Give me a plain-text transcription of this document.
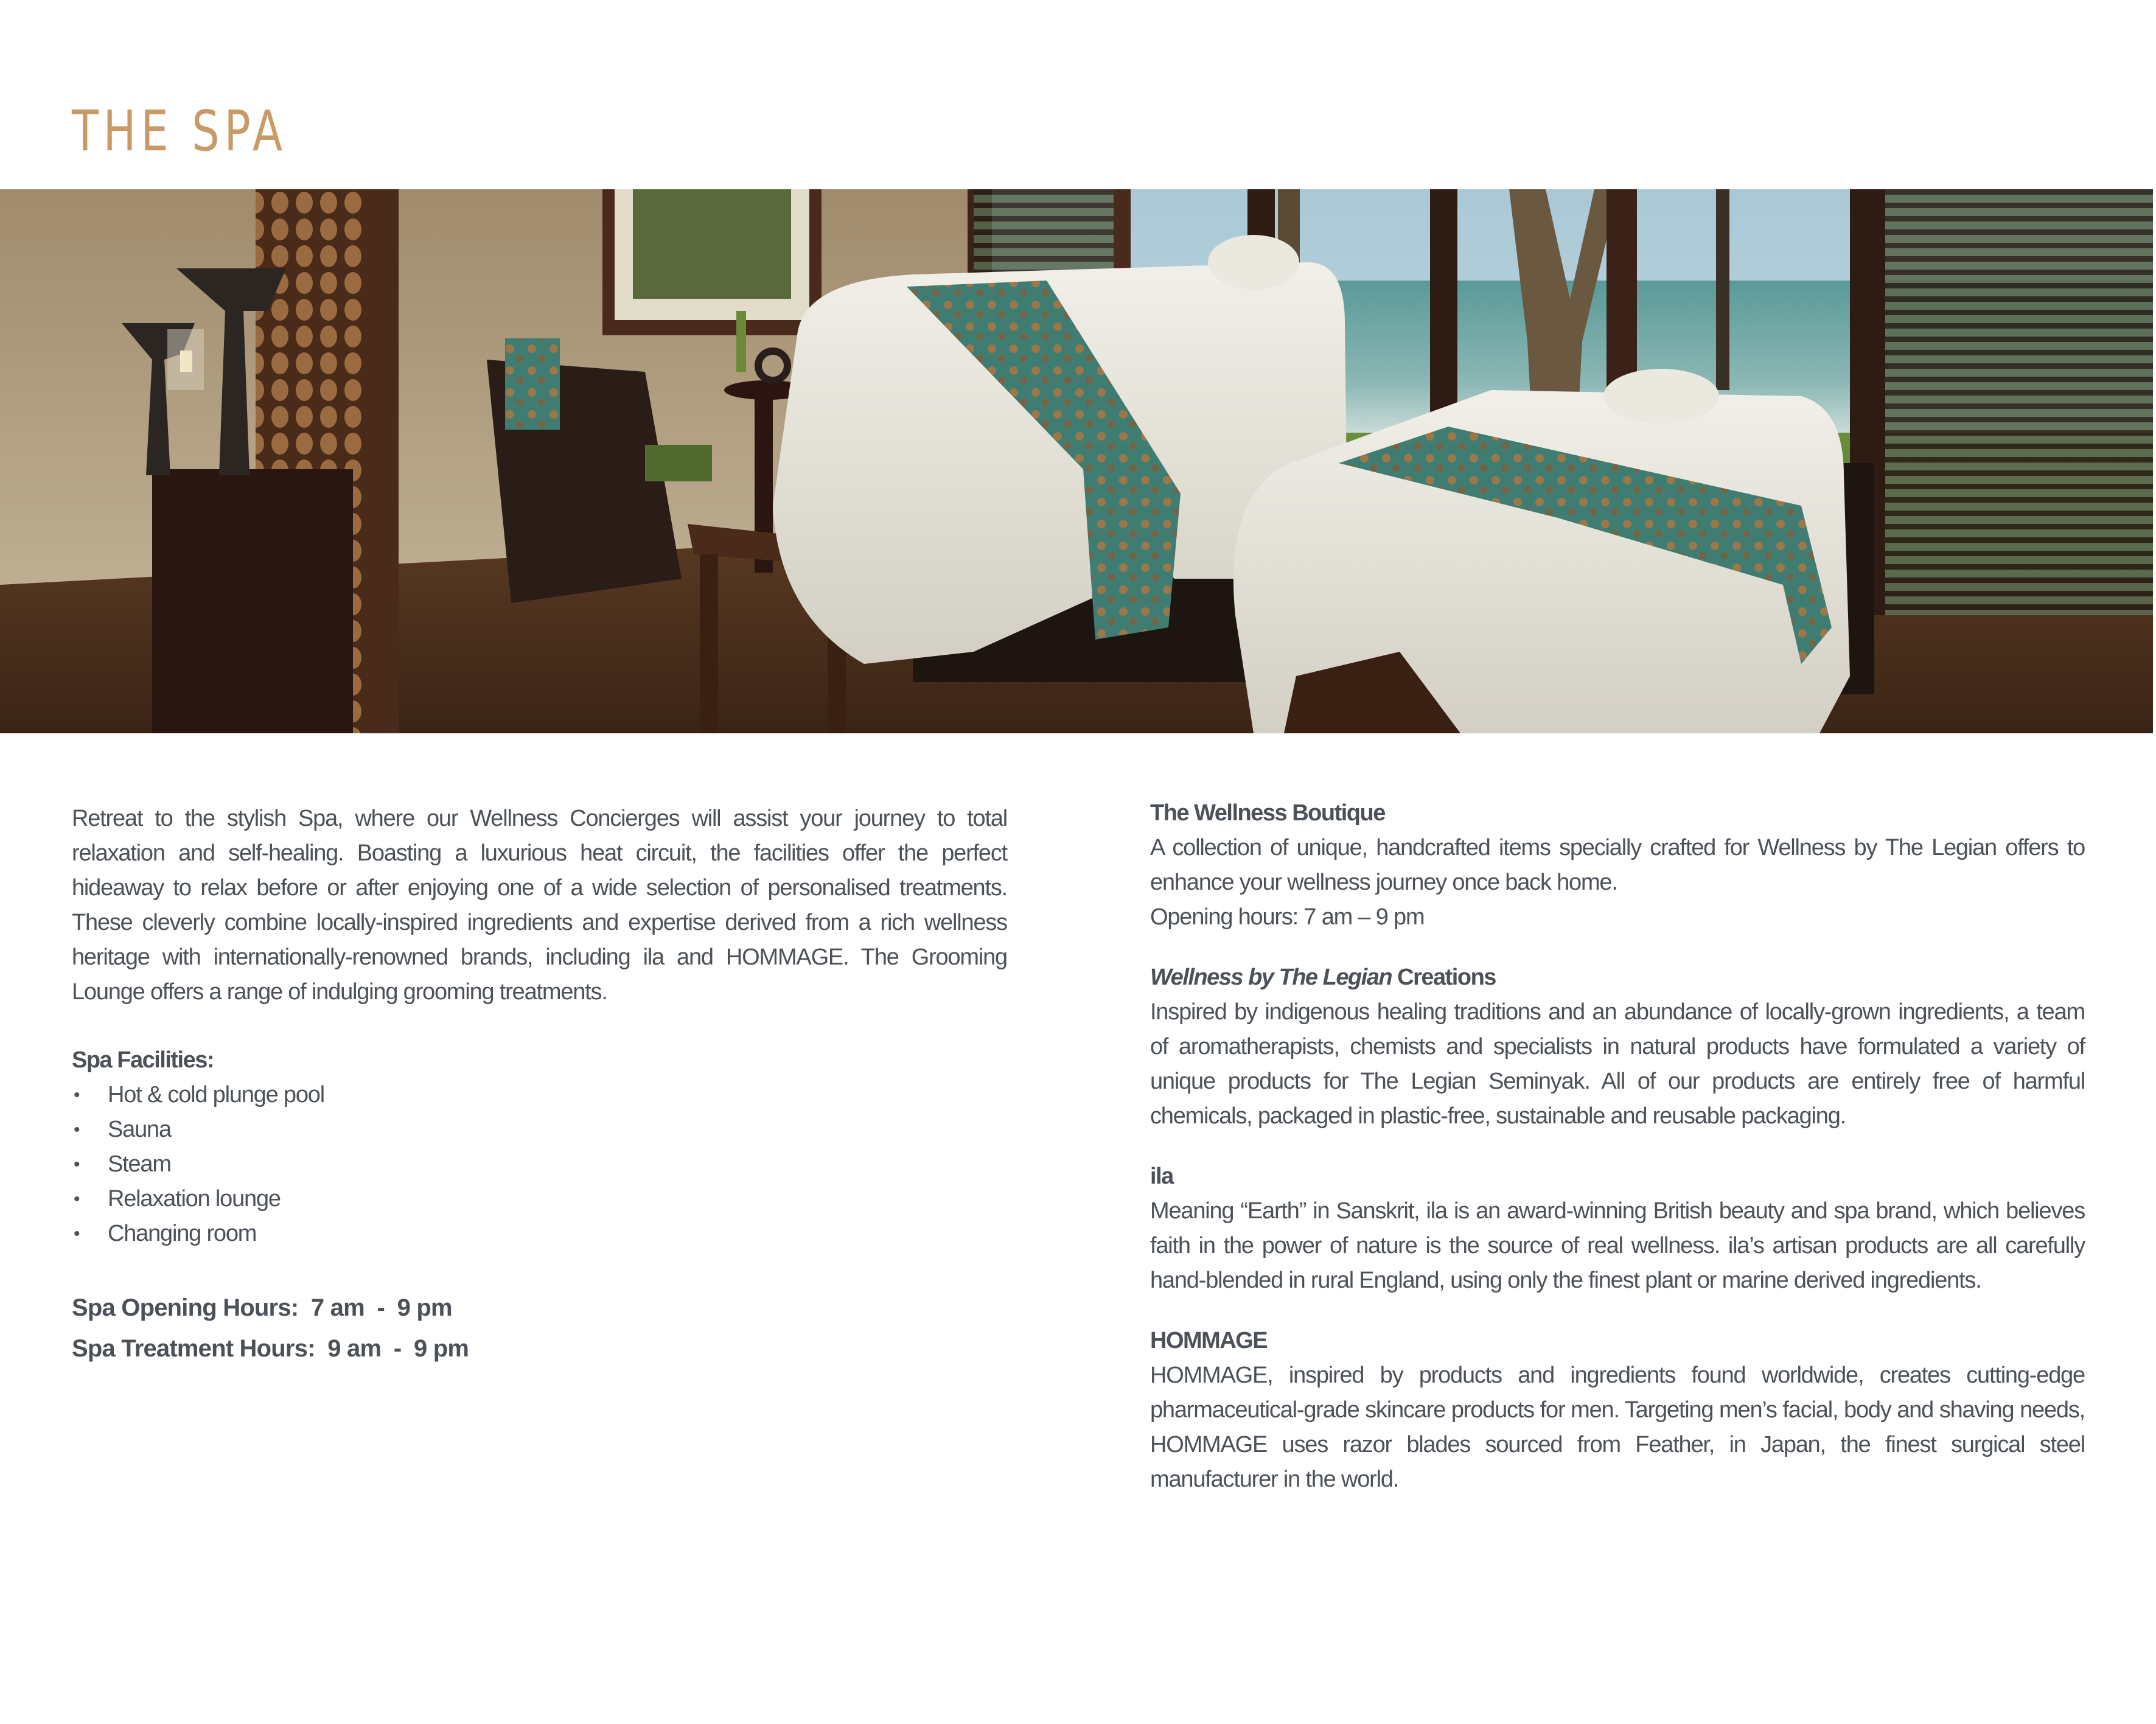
THE SPA

Retreat to the stylish Spa, where our Wellness Concierges will assist your journey to total relaxation and self-healing. Boasting a luxurious heat circuit, the facilities offer the perfect hideaway to relax before or after enjoying one of a wide selection of personalised treatments. These cleverly combine locally-inspired ingredients and expertise derived from a rich wellness heritage with internationally-renowned brands, including ila and HOMMAGE. The Grooming Lounge offers a range of indulging grooming treatments.

Spa Facilities:

• Hot & cold plunge pool
• Sauna
• Steam
• Relaxation lounge
• Changing room

Spa Opening Hours:  7 am  -  9 pm

Spa Treatment Hours:  9 am  -  9 pm

The Wellness Boutique

A collection of unique, handcrafted items specially crafted for Wellness by The Legian offers to enhance your wellness journey once back home.

Opening hours: 7 am – 9 pm

Wellness by The Legian Creations

Inspired by indigenous healing traditions and an abundance of locally-grown ingredients, a team of aromatherapists, chemists and specialists in natural products have formulated a variety of unique products for The Legian Seminyak. All of our products are entirely free of harmful chemicals, packaged in plastic-free, sustainable and reusable packaging.

ila

Meaning “Earth” in Sanskrit, ila is an award-winning British beauty and spa brand, which believes faith in the power of nature is the source of real wellness. ila’s artisan products are all carefully hand-blended in rural England, using only the finest plant or marine derived ingredients.

HOMMAGE

HOMMAGE, inspired by products and ingredients found worldwide, creates cutting-edge pharmaceutical-grade skincare products for men. Targeting men’s facial, body and shaving needs, HOMMAGE uses razor blades sourced from Feather, in Japan, the finest surgical steel manufacturer in the world.
